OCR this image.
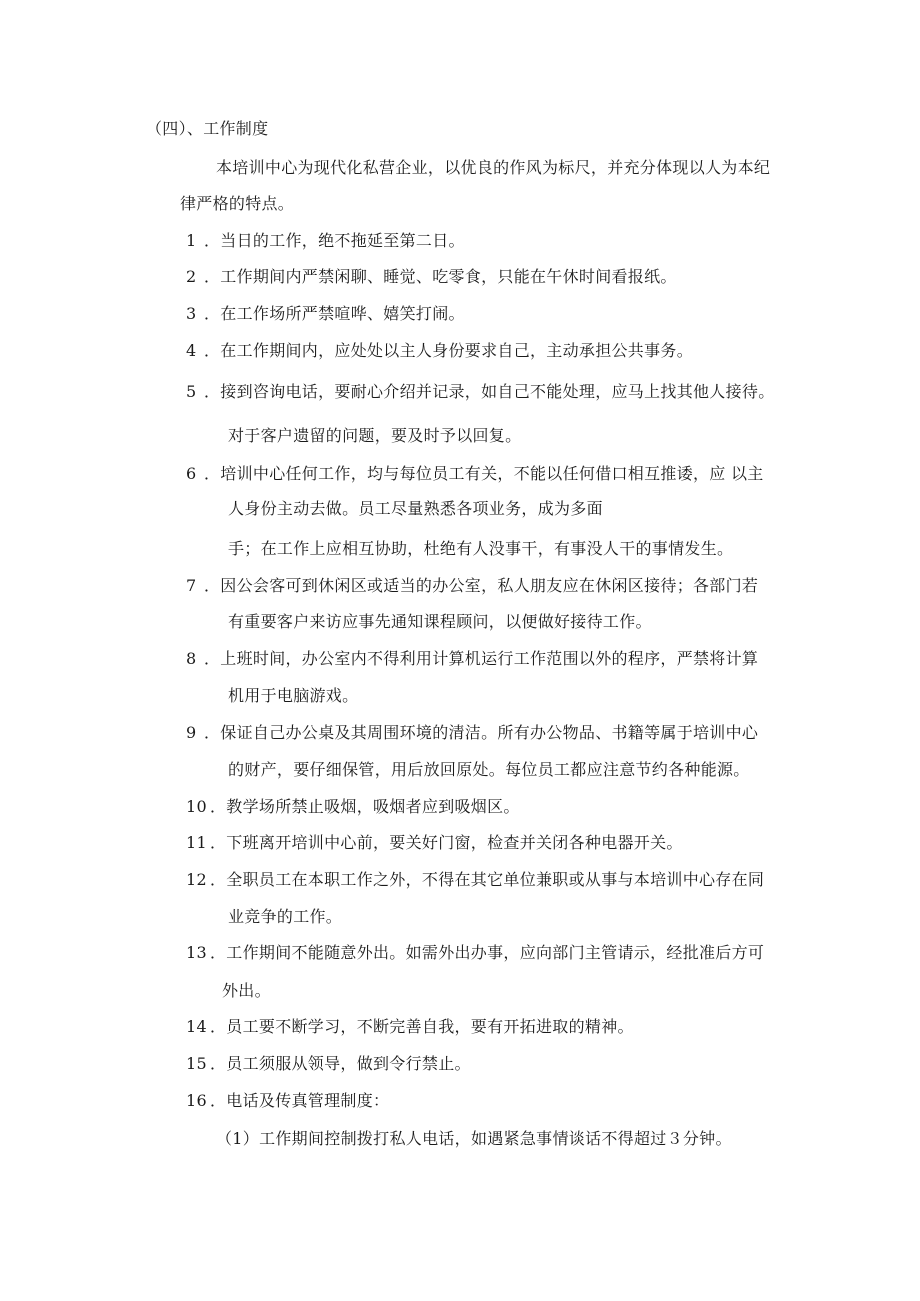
（四）、工作制度
本培训中心为现代化私营企业，以优良的作风为标尺，并充分体现以人为本纪
律严格的特点。
1 ．当日的工作，绝不拖延至第二日。
2 ．工作期间内严禁闲聊、睡觉、吃零食，只能在午休时间看报纸。
3 ．在工作场所严禁喧哗、嬉笑打闹。
4 ．在工作期间内，应处处以主人身份要求自己，主动承担公共事务。
5 ．接到咨询电话，要耐心介绍并记录，如自己不能处理，应马上找其他人接待。
对于客户遗留的问题，要及时予以回复。
6 ．培训中心任何工作，均与每位员工有关，不能以任何借口相互推诿，应 以主
人身份主动去做。员工尽量熟悉各项业务，成为多面
手；在工作上应相互协助，杜绝有人没事干，有事没人干的事情发生。
7 ．因公会客可到休闲区或适当的办公室，私人朋友应在休闲区接待；各部门若
有重要客户来访应事先通知课程顾问，以便做好接待工作。
8 ．上班时间，办公室内不得利用计算机运行工作范围以外的程序，严禁将计算
机用于电脑游戏。
9 ．保证自己办公桌及其周围环境的清洁。所有办公物品、书籍等属于培训中心
的财产，要仔细保管，用后放回原处。每位员工都应注意节约各种能源。
10 ．教学场所禁止吸烟，吸烟者应到吸烟区。
11 ．下班离开培训中心前，要关好门窗，检查并关闭各种电器开关。
12 ．全职员工在本职工作之外，不得在其它单位兼职或从事与本培训中心存在同
业竞争的工作。
13 ．工作期间不能随意外出。如需外出办事，应向部门主管请示，经批准后方可
外出。
14 ．员工要不断学习，不断完善自我，要有开拓进取的精神。
15 ．员工须服从领导，做到令行禁止。
16 ．电话及传真管理制度：
（1）工作期间控制拨打私人电话，如遇紧急事情谈话不得超过３分钟。
